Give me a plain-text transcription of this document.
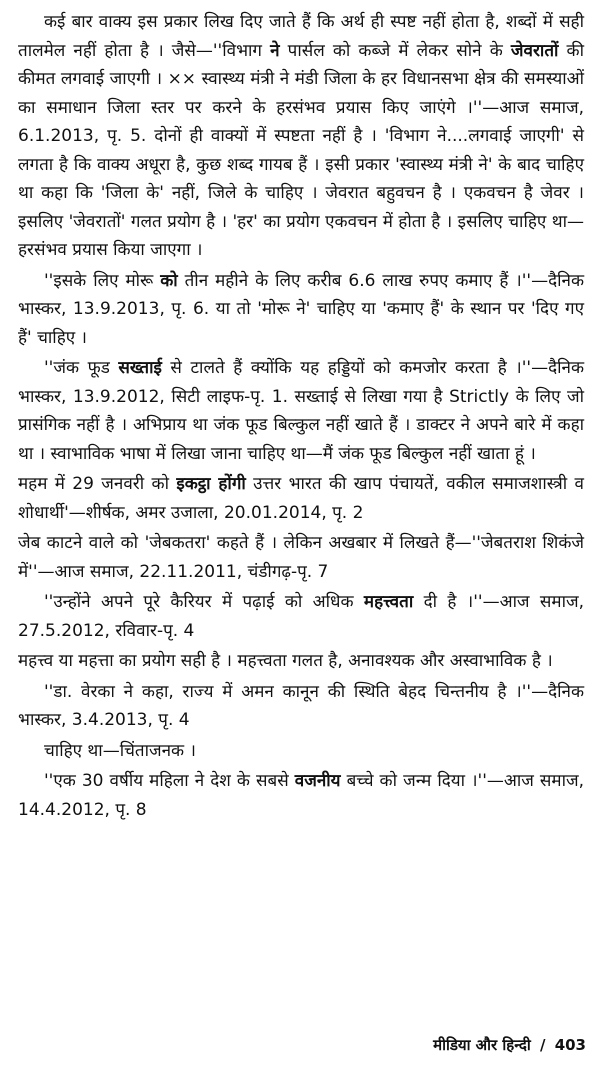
कई बार वाक्य इस प्रकार लिख दिए जाते हैं कि अर्थ ही स्पष्ट नहीं होता है, शब्दों में सही तालमेल नहीं होता है । जैसे—''विभाग ने पार्सल को कब्जे में लेकर सोने के जेवरातों की कीमत लगवाई जाएगी । ×× स्वास्थ्य मंत्री ने मंडी जिला के हर विधानसभा क्षेत्र की समस्याओं का समाधान जिला स्तर पर करने के हरसंभव प्रयास किए जाएंगे ।''—आज समाज, 6.1.2013, पृ. 5. दोनों ही वाक्यों में स्पष्टता नहीं है । 'विभाग ने....लगवाई जाएगी' से लगता है कि वाक्य अधूरा है, कुछ शब्द गायब हैं । इसी प्रकार 'स्वास्थ्य मंत्री ने' के बाद चाहिए था कहा कि 'जिला के' नहीं, जिले के चाहिए । जेवरात बहुवचन है । एकवचन है जेवर । इसलिए 'जेवरातों' गलत प्रयोग है । 'हर' का प्रयोग एकवचन में होता है । इसलिए चाहिए था—हरसंभव प्रयास किया जाएगा ।

''इसके लिए मोरू को तीन महीने के लिए करीब 6.6 लाख रुपए कमाए हैं ।''—दैनिक भास्कर, 13.9.2013, पृ. 6. या तो 'मोरू ने' चाहिए या 'कमाए हैं' के स्थान पर 'दिए गए हैं' चाहिए ।

''जंक फूड सख्ताई से टालते हैं क्योंकि यह हड्डियों को कमजोर करता है ।''—दैनिक भास्कर, 13.9.2012, सिटी लाइफ-पृ. 1. सख्ताई से लिखा गया है Strictly के लिए जो प्रासंगिक नहीं है । अभिप्राय था जंक फूड बिल्कुल नहीं खाते हैं । डाक्टर ने अपने बारे में कहा था । स्वाभाविक भाषा में लिखा जाना चाहिए था—मैं जंक फूड बिल्कुल नहीं खाता हूं ।

महम में 29 जनवरी को इकट्ठा होंगी उत्तर भारत की खाप पंचायतें, वकील समाजशास्त्री व शोधार्थी'—शीर्षक, अमर उजाला, 20.01.2014, पृ. 2

जेब काटने वाले को 'जेबकतरा' कहते हैं । लेकिन अखबार में लिखते हैं—''जेबतराश शिकंजे में''—आज समाज, 22.11.2011, चंडीगढ़-पृ. 7

''उन्होंने अपने पूरे कैरियर में पढ़ाई को अधिक महत्त्वता दी है ।''—आज समाज, 27.5.2012, रविवार-पृ. 4

महत्त्व या महत्ता का प्रयोग सही है । महत्त्वता गलत है, अनावश्यक और अस्वाभाविक है ।

''डा. वेरका ने कहा, राज्य में अमन कानून की स्थिति बेहद चिन्तनीय है ।''—दैनिक भास्कर, 3.4.2013, पृ. 4

चाहिए था—चिंताजनक ।

''एक 30 वर्षीय महिला ने देश के सबसे वजनीय बच्चे को जन्म दिया ।''—आज समाज, 14.4.2012, पृ. 8

मीडिया और हिन्दी / 403
